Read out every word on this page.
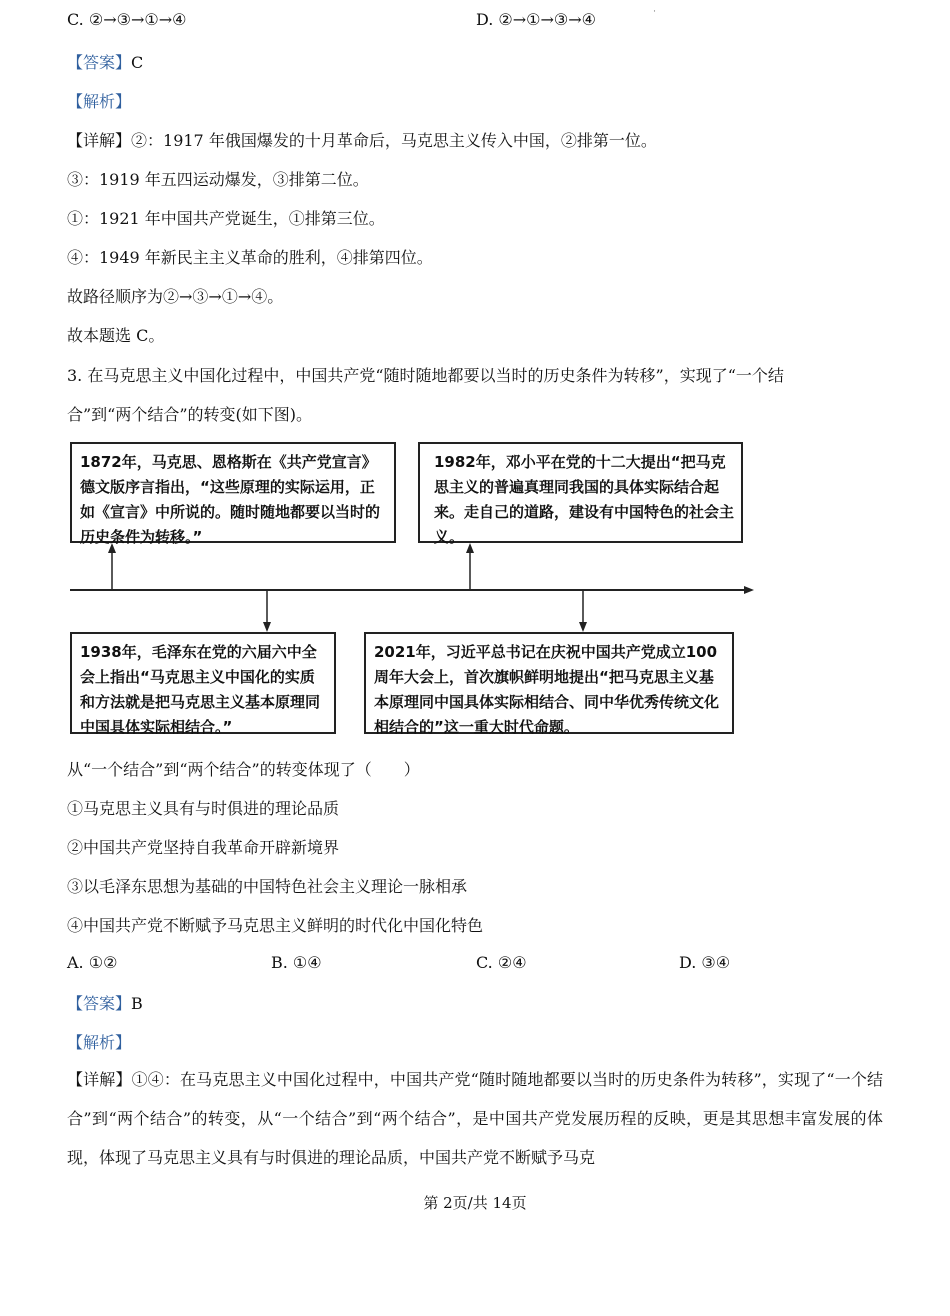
C. ②→③→①→④	D. ②→①→③→④	˙
【答案】C
【解析】
【详解】②：1917 年俄国爆发的十月革命后，马克思主义传入中国，②排第一位。
③：1919 年五四运动爆发，③排第二位。
①：1921 年中国共产党诞生，①排第三位。
④：1949 年新民主主义革命的胜利，④排第四位。
故路径顺序为②→③→①→④。
故本题选 C。
3. 在马克思主义中国化过程中，中国共产党“随时随地都要以当时的历史条件为转移”，实现了“一个结
合”到“两个结合”的转变(如下图)。
1872年，马克思、恩格斯在《共产党宣言》德文版序言指出，“这些原理的实际运用，正如《宣言》中所说的。随时随地都要以当时的历史条件为转移。”
1982年，邓小平在党的十二大提出“把马克思主义的普遍真理同我国的具体实际结合起来。走自己的道路，建设有中国特色的社会主义。
1938年，毛泽东在党的六届六中全会上指出“马克思主义中国化的实质和方法就是把马克思主义基本原理同中国具体实际相结合。”
2021年，习近平总书记在庆祝中国共产党成立100周年大会上，首次旗帜鲜明地提出“把马克思主义基本原理同中国具体实际相结合、同中华优秀传统文化相结合的”这一重大时代命题。
从“一个结合”到“两个结合”的转变体现了（　　）
①马克思主义具有与时俱进的理论品质
②中国共产党坚持自我革命开辟新境界
③以毛泽东思想为基础的中国特色社会主义理论一脉相承
④中国共产党不断赋予马克思主义鲜明的时代化中国化特色
A. ①②	B. ①④	C. ②④	D. ③④
【答案】B
【解析】
【详解】①④：在马克思主义中国化过程中，中国共产党“随时随地都要以当时的历史条件为转移”，实现了“一个结合”到“两个结合”的转变，从“一个结合”到“两个结合”，是中国共产党发展历程的反映，更是其思想丰富发展的体现，体现了马克思主义具有与时俱进的理论品质，中国共产党不断赋予马克
第 2页/共 14页
